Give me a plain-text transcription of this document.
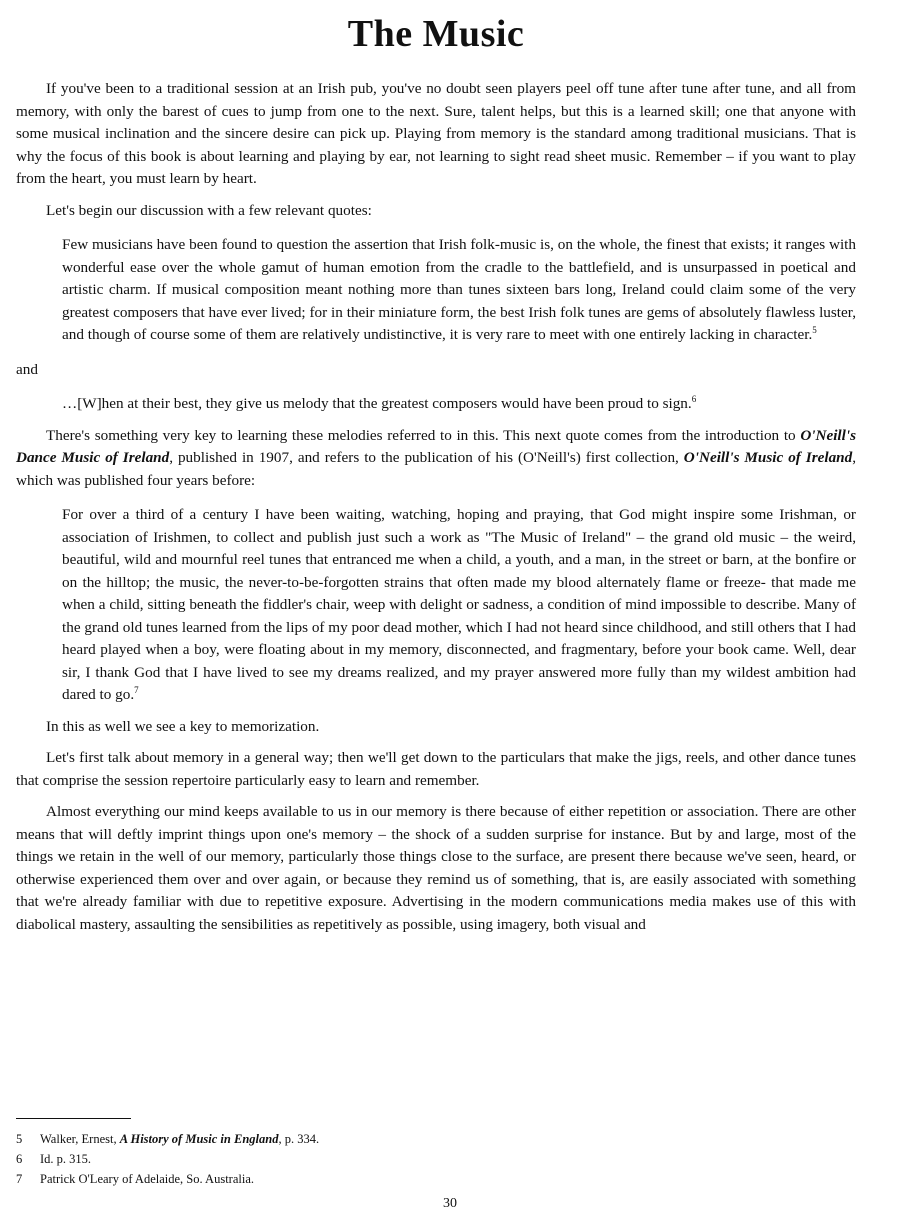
The Music

If you've been to a traditional session at an Irish pub, you've no doubt seen players peel off tune after tune after tune, and all from memory, with only the barest of cues to jump from one to the next. Sure, talent helps, but this is a learned skill; one that anyone with some musical inclination and the sincere desire can pick up. Playing from memory is the standard among traditional musicians. That is why the focus of this book is about learning and playing by ear, not learning to sight read sheet music. Remember – if you want to play from the heart, you must learn by heart.

Let's begin our discussion with a few relevant quotes:

Few musicians have been found to question the assertion that Irish folk-music is, on the whole, the finest that exists; it ranges with wonderful ease over the whole gamut of human emotion from the cradle to the battlefield, and is unsurpassed in poetical and artistic charm. If musical composition meant nothing more than tunes sixteen bars long, Ireland could claim some of the very greatest composers that have ever lived; for in their miniature form, the best Irish folk tunes are gems of absolutely flawless luster, and though of course some of them are relatively undistinctive, it is very rare to meet with one entirely lacking in character.$^5$

and

…[W]hen at their best, they give us melody that the greatest composers would have been proud to sign.$^6$

There's something very key to learning these melodies referred to in this. This next quote comes from the introduction to O'Neill's Dance Music of Ireland, published in 1907, and refers to the publication of his (O'Neill's) first collection, O'Neill's Music of Ireland, which was published four years before:

For over a third of a century I have been waiting, watching, hoping and praying, that God might inspire some Irishman, or association of Irishmen, to collect and publish just such a work as "The Music of Ireland" – the grand old music – the weird, beautiful, wild and mournful reel tunes that entranced me when a child, a youth, and a man, in the street or barn, at the bonfire or on the hilltop; the music, the never-to-be-forgotten strains that often made my blood alternately flame or freeze- that made me when a child, sitting beneath the fiddler's chair, weep with delight or sadness, a condition of mind impossible to describe. Many of the grand old tunes learned from the lips of my poor dead mother, which I had not heard since childhood, and still others that I had heard played when a boy, were floating about in my memory, disconnected, and fragmentary, before your book came. Well, dear sir, I thank God that I have lived to see my dreams realized, and my prayer answered more fully than my wildest ambition had dared to go.$^7$

In this as well we see a key to memorization.

Let's first talk about memory in a general way; then we'll get down to the particulars that make the jigs, reels, and other dance tunes that comprise the session repertoire particularly easy to learn and remember.

Almost everything our mind keeps available to us in our memory is there because of either repetition or association. There are other means that will deftly imprint things upon one's memory – the shock of a sudden surprise for instance. But by and large, most of the things we retain in the well of our memory, particularly those things close to the surface, are present there because we've seen, heard, or otherwise experienced them over and over again, or because they remind us of something, that is, are easily associated with something that we're already familiar with due to repetitive exposure. Advertising in the modern communications media makes use of this with diabolical mastery, assaulting the sensibilities as repetitively as possible, using imagery, both visual and

5	Walker, Ernest, A History of Music in England, p. 334.
6	Id. p. 315.
7	Patrick O'Leary of Adelaide, So. Australia.
30
